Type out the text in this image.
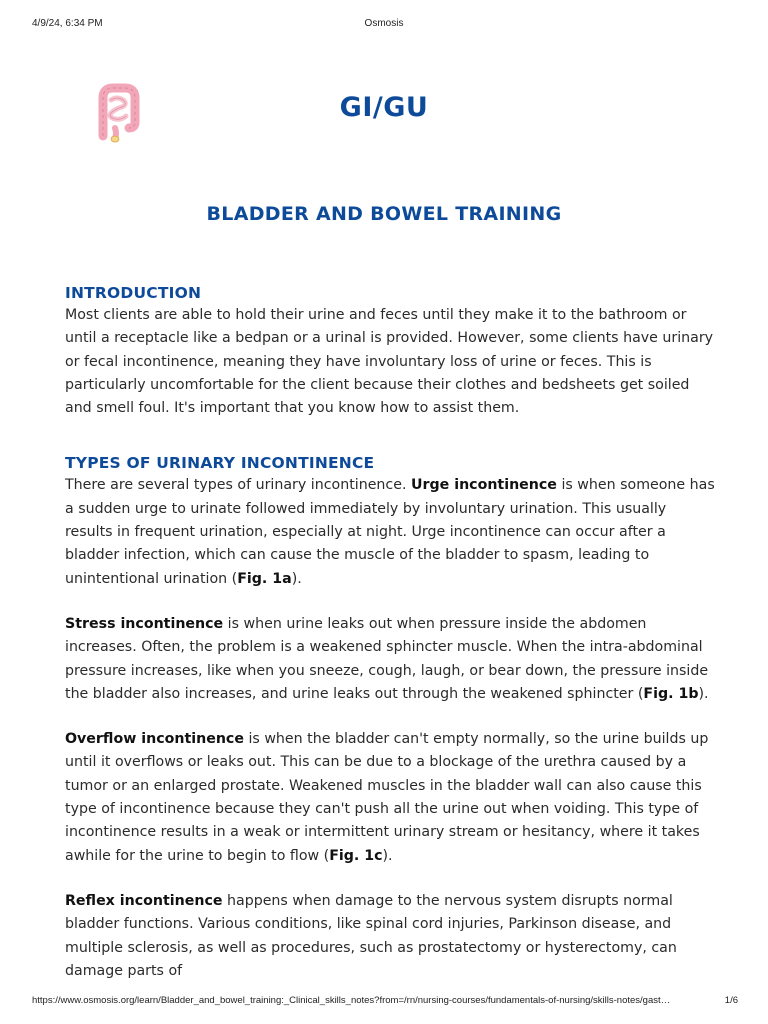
4/9/24, 6:34 PM	Osmosis
GI/GU
BLADDER AND BOWEL TRAINING
INTRODUCTION

Most clients are able to hold their urine and feces until they make it to the bathroom or until a receptacle like a bedpan or a urinal is provided. However, some clients have urinary or fecal incontinence, meaning they have involuntary loss of urine or feces. This is particularly uncomfortable for the client because their clothes and bedsheets get soiled and smell foul. It's important that you know how to assist them.

TYPES OF URINARY INCONTINENCE

There are several types of urinary incontinence. Urge incontinence is when someone has a sudden urge to urinate followed immediately by involuntary urination. This usually results in frequent urination, especially at night. Urge incontinence can occur after a bladder infection, which can cause the muscle of the bladder to spasm, leading to unintentional urination (Fig. 1a).

Stress incontinence is when urine leaks out when pressure inside the abdomen increases. Often, the problem is a weakened sphincter muscle. When the intra-abdominal pressure increases, like when you sneeze, cough, laugh, or bear down, the pressure inside the bladder also increases, and urine leaks out through the weakened sphincter (Fig. 1b).

Overflow incontinence is when the bladder can't empty normally, so the urine builds up until it overflows or leaks out. This can be due to a blockage of the urethra caused by a tumor or an enlarged prostate. Weakened muscles in the bladder wall can also cause this type of incontinence because they can't push all the urine out when voiding. This type of incontinence results in a weak or intermittent urinary stream or hesitancy, where it takes awhile for the urine to begin to flow (Fig. 1c).

Reflex incontinence happens when damage to the nervous system disrupts normal bladder functions. Various conditions, like spinal cord injuries, Parkinson disease, and multiple sclerosis, as well as procedures, such as prostatectomy or hysterectomy, can damage parts of

https://www.osmosis.org/learn/Bladder_and_bowel_training:_Clinical_skills_notes?from=/rn/nursing-courses/fundamentals-of-nursing/skills-notes/gast…	1/6
